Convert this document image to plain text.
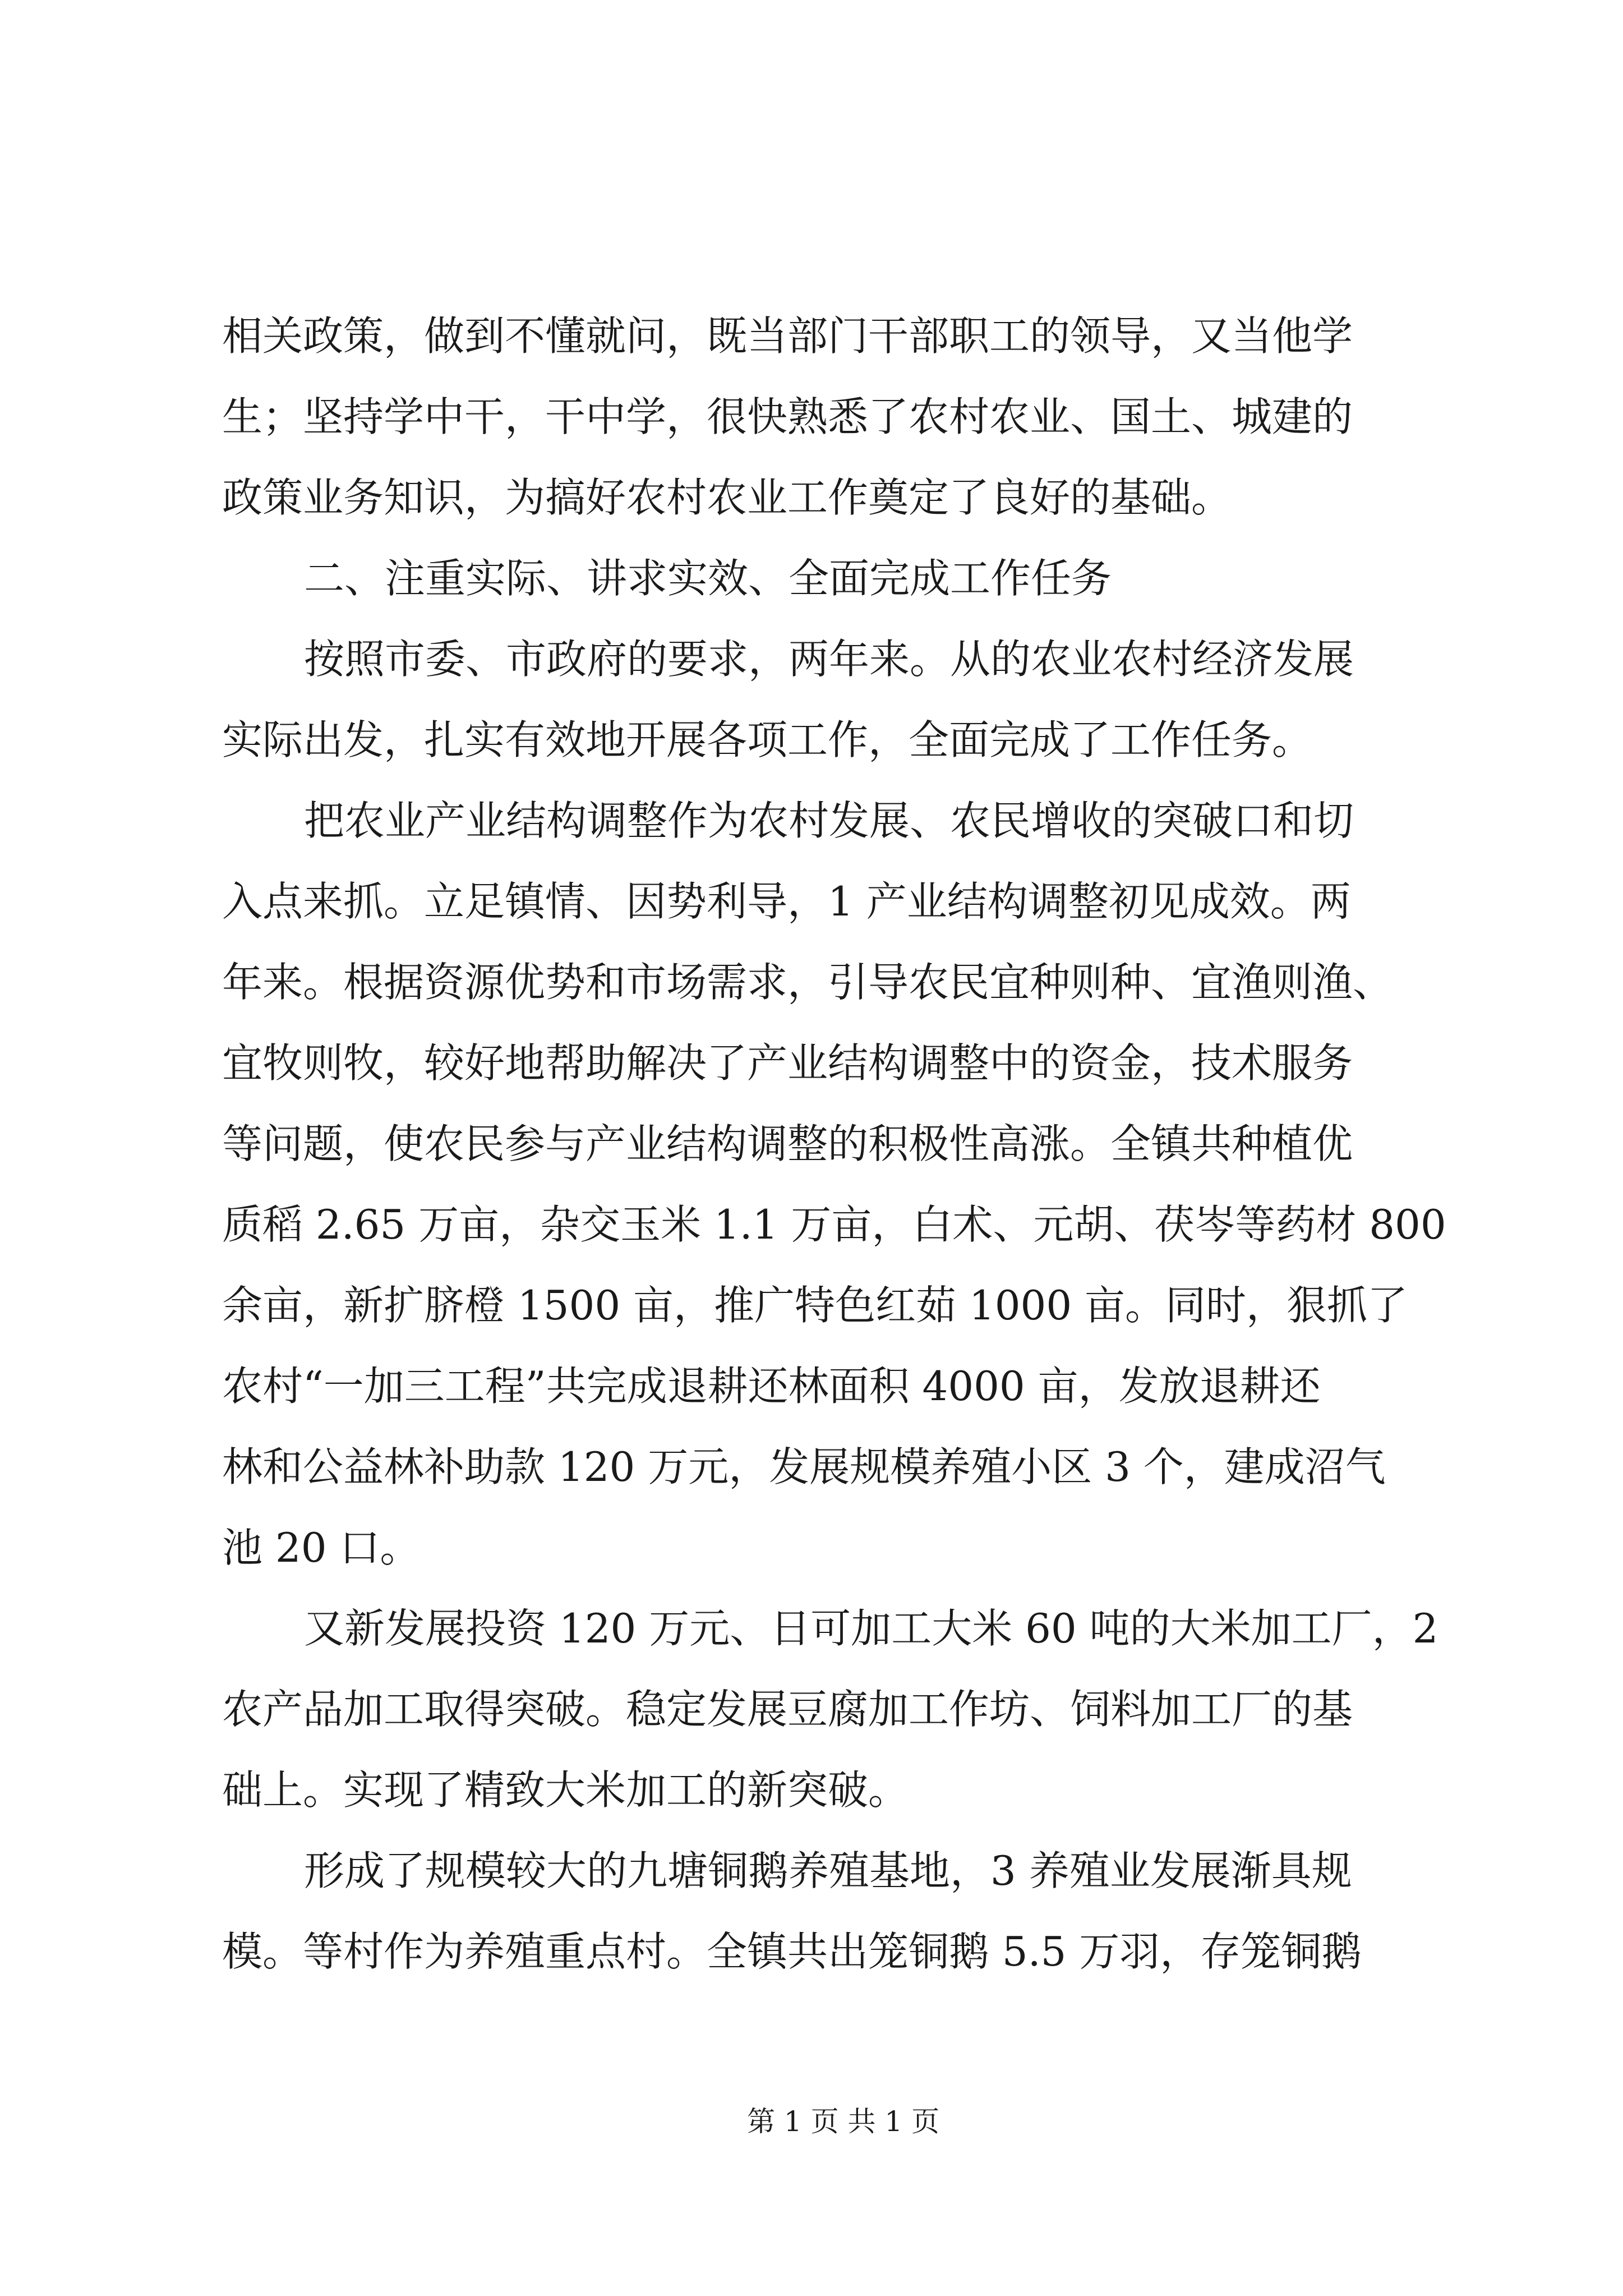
相关政策，做到不懂就问，既当部门干部职工的领导，又当他学
生；坚持学中干，干中学，很快熟悉了农村农业、国土、城建的
政策业务知识，为搞好农村农业工作奠定了良好的基础。
二、注重实际、讲求实效、全面完成工作任务
按照市委、市政府的要求，两年来。从的农业农村经济发展
实际出发，扎实有效地开展各项工作，全面完成了工作任务。
把农业产业结构调整作为农村发展、农民增收的突破口和切
入点来抓。立足镇情、因势利导，1 产业结构调整初见成效。两
年来。根据资源优势和市场需求，引导农民宜种则种、宜渔则渔、
宜牧则牧，较好地帮助解决了产业结构调整中的资金，技术服务
等问题，使农民参与产业结构调整的积极性高涨。全镇共种植优
质稻 2.65 万亩，杂交玉米 1.1 万亩，白术、元胡、茯岑等药材 800
余亩，新扩脐橙 1500 亩，推广特色红茹 1000 亩。同时，狠抓了
农村“一加三工程”共完成退耕还林面积 4000 亩，发放退耕还
林和公益林补助款 120 万元，发展规模养殖小区 3 个，建成沼气
池 20 口。
又新发展投资 120 万元、日可加工大米 60 吨的大米加工厂，2
农产品加工取得突破。稳定发展豆腐加工作坊、饲料加工厂的基
础上。实现了精致大米加工的新突破。
形成了规模较大的九塘铜鹅养殖基地，3 养殖业发展渐具规
模。等村作为养殖重点村。全镇共出笼铜鹅 5.5 万羽，存笼铜鹅
第 1 页 共 1 页
